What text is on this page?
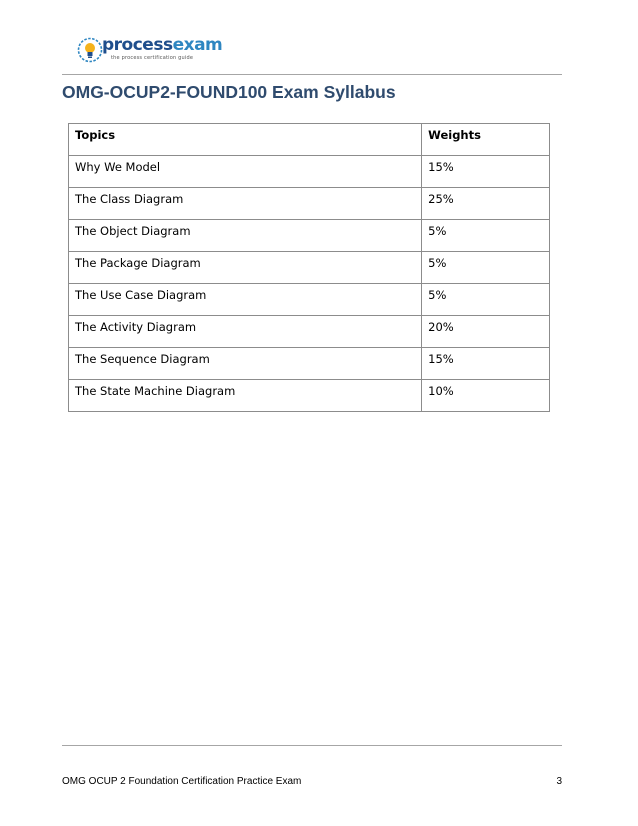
processexam
the process certification guide
OMG-OCUP2-FOUND100 Exam Syllabus
Topics	Weights
Why We Model	15%
The Class Diagram	25%
The Object Diagram	5%
The Package Diagram	5%
The Use Case Diagram	5%
The Activity Diagram	20%
The Sequence Diagram	15%
The State Machine Diagram	10%
OMG OCUP 2 Foundation Certification Practice Exam	3
